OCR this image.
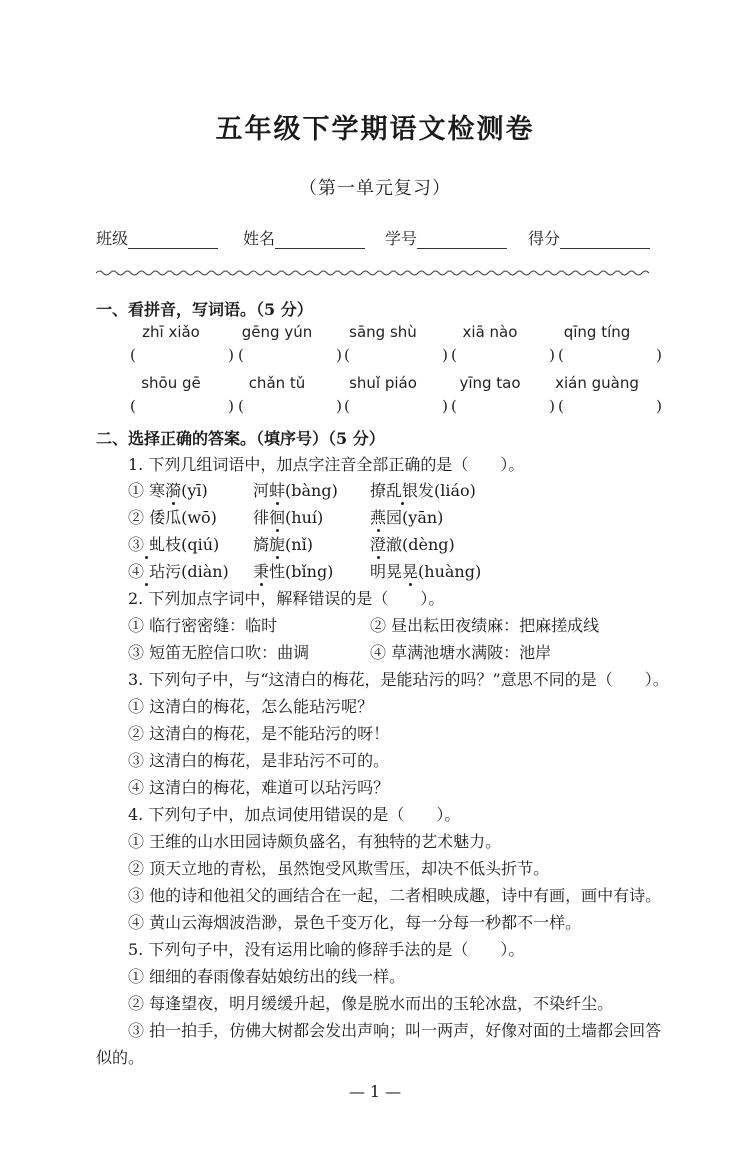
五年级下学期语文检测卷
（第一单元复习）
班级	姓名	学号	得分
一、看拼音，写词语。（5 分）
zhī xiǎo	gēng yún	sāng shù	xiā nào	qīng tíng
(	) (	) (	) (	) (	)
shōu gē	chǎn tǔ	shuǐ piáo	yīng tao	xián guàng
(	) (	) (	) (	) (	)
二、选择正确的答案。（填序号）（5 分）
1. 下列几组词语中，加点字注音全部正确的是（　　）。
① 寒漪(yī)	河蚌(bàng) 撩乱银发(liáo)
② 倭瓜(wō) 徘徊(huí)	燕园(yān)
③ 虬枝(qiú) 旖旎(nǐ)	澄澈(dèng)
④ 玷污(diàn) 秉性(bǐng) 明晃晃(huàng)
2. 下列加点字词中，解释错误的是（　　）。
① 临行密密缝：临时	② 昼出耘田夜绩麻：把麻搓成线
③ 短笛无腔信口吹：曲调	④ 草满池塘水满陂：池岸
3. 下列句子中，与“这清白的梅花，是能玷污的吗？”意思不同的是（　　）。
① 这清白的梅花，怎么能玷污呢？
② 这清白的梅花，是不能玷污的呀！
③ 这清白的梅花，是非玷污不可的。
④ 这清白的梅花，难道可以玷污吗？
4. 下列句子中，加点词使用错误的是（　　）。
① 王维的山水田园诗颇负盛名，有独特的艺术魅力。
② 顶天立地的青松，虽然饱受风欺雪压，却决不低头折节。
③ 他的诗和他祖父的画结合在一起，二者相映成趣，诗中有画，画中有诗。
④ 黄山云海烟波浩渺，景色千变万化，每一分每一秒都不一样。
5. 下列句子中，没有运用比喻的修辞手法的是（　　）。
① 细细的春雨像春姑娘纺出的线一样。
② 每逢望夜，明月缓缓升起，像是脱水而出的玉轮冰盘，不染纤尘。
③ 拍一拍手，仿佛大树都会发出声响；叫一两声，好像对面的土墙都会回答
似的。
— 1 —
